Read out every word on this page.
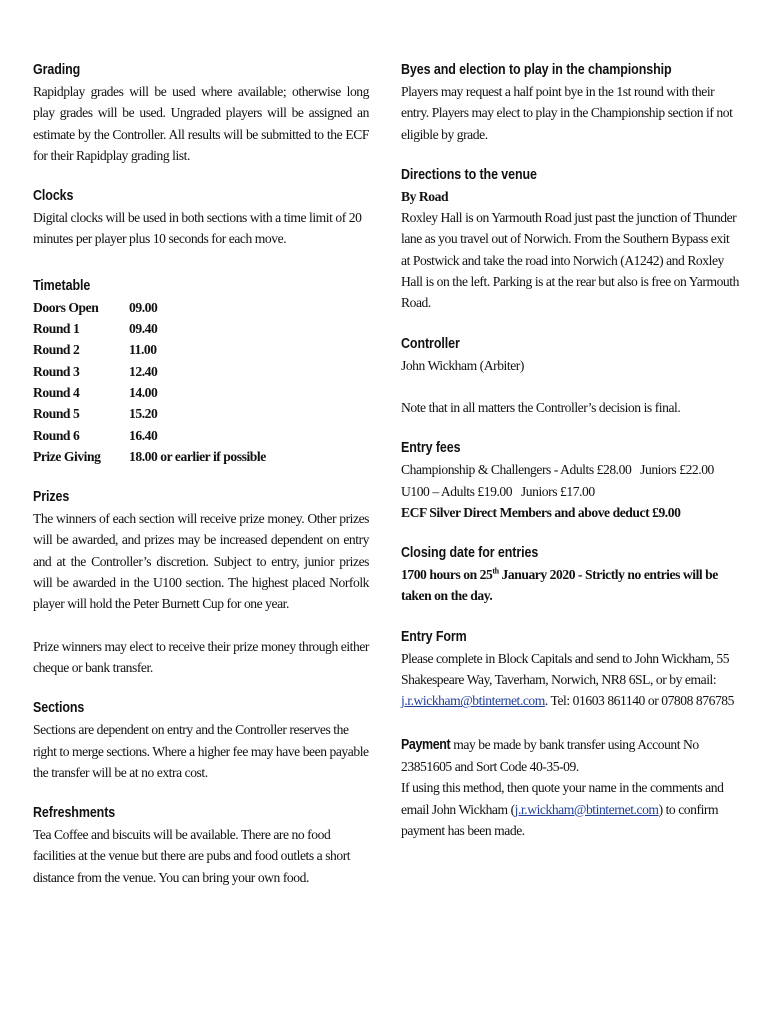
Grading

Rapidplay grades will be used where available; otherwise long play grades will be used. Ungraded players will be assigned an estimate by the Controller. All results will be submitted to the ECF for their Rapidplay grading list.

Clocks

Digital clocks will be used in both sections with a time limit of 20 minutes per player plus 10 seconds for each move.

Timetable
Doors Open	09.00
Round 1	09.40
Round 2	11.00
Round 3	12.40
Round 4	14.00
Round 5	15.20
Round 6	16.40
Prize Giving	18.00 or earlier if possible
Prizes

The winners of each section will receive prize money. Other prizes will be awarded, and prizes may be increased dependent on entry and at the Controller’s discretion. Subject to entry, junior prizes will be awarded in the U100 section. The highest placed Norfolk player will hold the Peter Burnett Cup for one year.

Prize winners may elect to receive their prize money through either cheque or bank transfer.

Sections

Sections are dependent on entry and the Controller reserves the right to merge sections. Where a higher fee may have been payable the transfer will be at no extra cost.

Refreshments

Tea Coffee and biscuits will be available. There are no food facilities at the venue but there are pubs and food outlets a short distance from the venue. You can bring your own food.

Byes and election to play in the championship

Players may request a half point bye in the 1st round with their entry. Players may elect to play in the Championship section if not eligible by grade.

Directions to the venue

By Road

Roxley Hall is on Yarmouth Road just past the junction of Thunder lane as you travel out of Norwich. From the Southern Bypass exit at Postwick and take the road into Norwich (A1242) and Roxley Hall is on the left. Parking is at the rear but also is free on Yarmouth Road.

Controller

John Wickham (Arbiter)

Note that in all matters the Controller’s decision is final.

Entry fees

Championship & Challengers - Adults £28.00   Juniors £22.00

U100 – Adults £19.00   Juniors £17.00

ECF Silver Direct Members and above deduct £9.00

Closing date for entries

1700 hours on 25th January 2020 - Strictly no entries will be taken on the day.

Entry Form

Please complete in Block Capitals and send to John Wickham, 55 Shakespeare Way, Taverham, Norwich, NR8 6SL, or by email: j.r.wickham@btinternet.com. Tel: 01603 861140 or 07808 876785

Payment may be made by bank transfer using Account No 23851605 and Sort Code 40-35-09.

If using this method, then quote your name in the comments and email John Wickham (j.r.wickham@btinternet.com) to confirm payment has been made.
